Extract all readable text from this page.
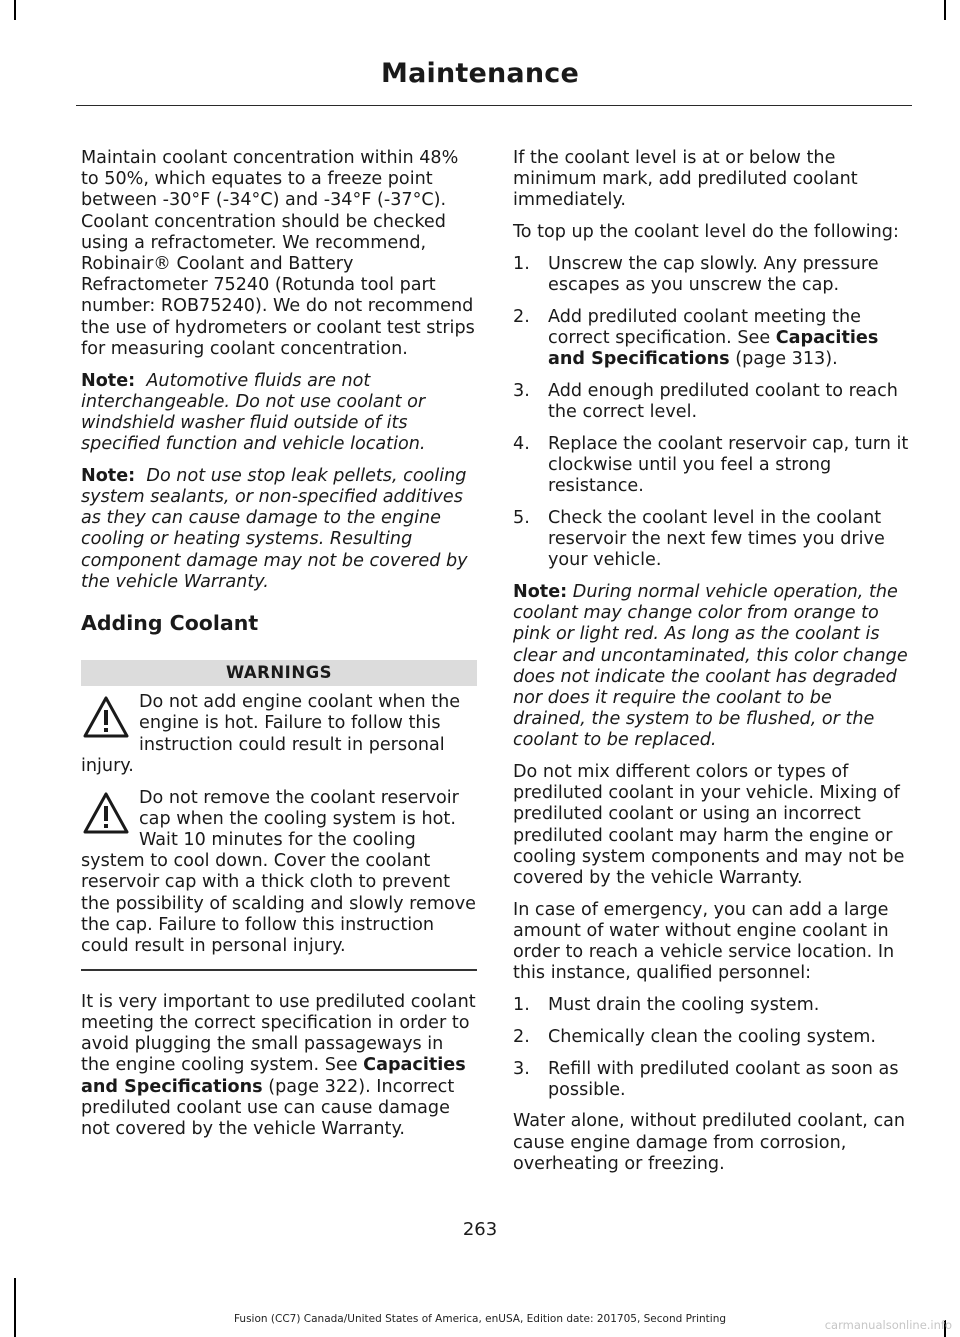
Maintenance

Maintain coolant concentration within 48% to 50%, which equates to a freeze point between -30°F (-34°C) and -34°F (-37°C). Coolant concentration should be checked using a refractometer. We recommend, Robinair® Coolant and Battery Refractometer 75240 (Rotunda tool part number: ROB75240). We do not recommend the use of hydrometers or coolant test strips for measuring coolant concentration.

Note: Automotive fluids are not interchangeable. Do not use coolant or windshield washer fluid outside of its specified function and vehicle location.

Note: Do not use stop leak pellets, cooling system sealants, or non-specified additives as they can cause damage to the engine cooling or heating systems. Resulting component damage may not be covered by the vehicle Warranty.

Adding Coolant
WARNINGS
Do not add engine coolant when the engine is hot. Failure to follow this instruction could result in personal injury.
Do not remove the coolant reservoir cap when the cooling system is hot. Wait 10 minutes for the cooling system to cool down. Cover the coolant reservoir cap with a thick cloth to prevent the possibility of scalding and slowly remove the cap. Failure to follow this instruction could result in personal injury.

It is very important to use prediluted coolant meeting the correct specification in order to avoid plugging the small passageways in the engine cooling system. See Capacities and Specifications (page 322). Incorrect prediluted coolant use can cause damage not covered by the vehicle Warranty.

If the coolant level is at or below the minimum mark, add prediluted coolant immediately.

To top up the coolant level do the following:

1. Unscrew the cap slowly. Any pressure escapes as you unscrew the cap.
2. Add prediluted coolant meeting the correct specification. See Capacities and Specifications (page 313).
3. Add enough prediluted coolant to reach the correct level.
4. Replace the coolant reservoir cap, turn it clockwise until you feel a strong resistance.
5. Check the coolant level in the coolant reservoir the next few times you drive your vehicle.

Note: During normal vehicle operation, the coolant may change color from orange to pink or light red. As long as the coolant is clear and uncontaminated, this color change does not indicate the coolant has degraded nor does it require the coolant to be drained, the system to be flushed, or the coolant to be replaced.

Do not mix different colors or types of prediluted coolant in your vehicle. Mixing of prediluted coolant or using an incorrect prediluted coolant may harm the engine or cooling system components and may not be covered by the vehicle Warranty.

In case of emergency, you can add a large amount of water without engine coolant in order to reach a vehicle service location. In this instance, qualified personnel:

1. Must drain the cooling system.
2. Chemically clean the cooling system.
3. Refill with prediluted coolant as soon as possible.

Water alone, without prediluted coolant, can cause engine damage from corrosion, overheating or freezing.

263
Fusion (CC7) Canada/United States of America, enUSA, Edition date: 201705, Second Printing	carmanualsonline.info
